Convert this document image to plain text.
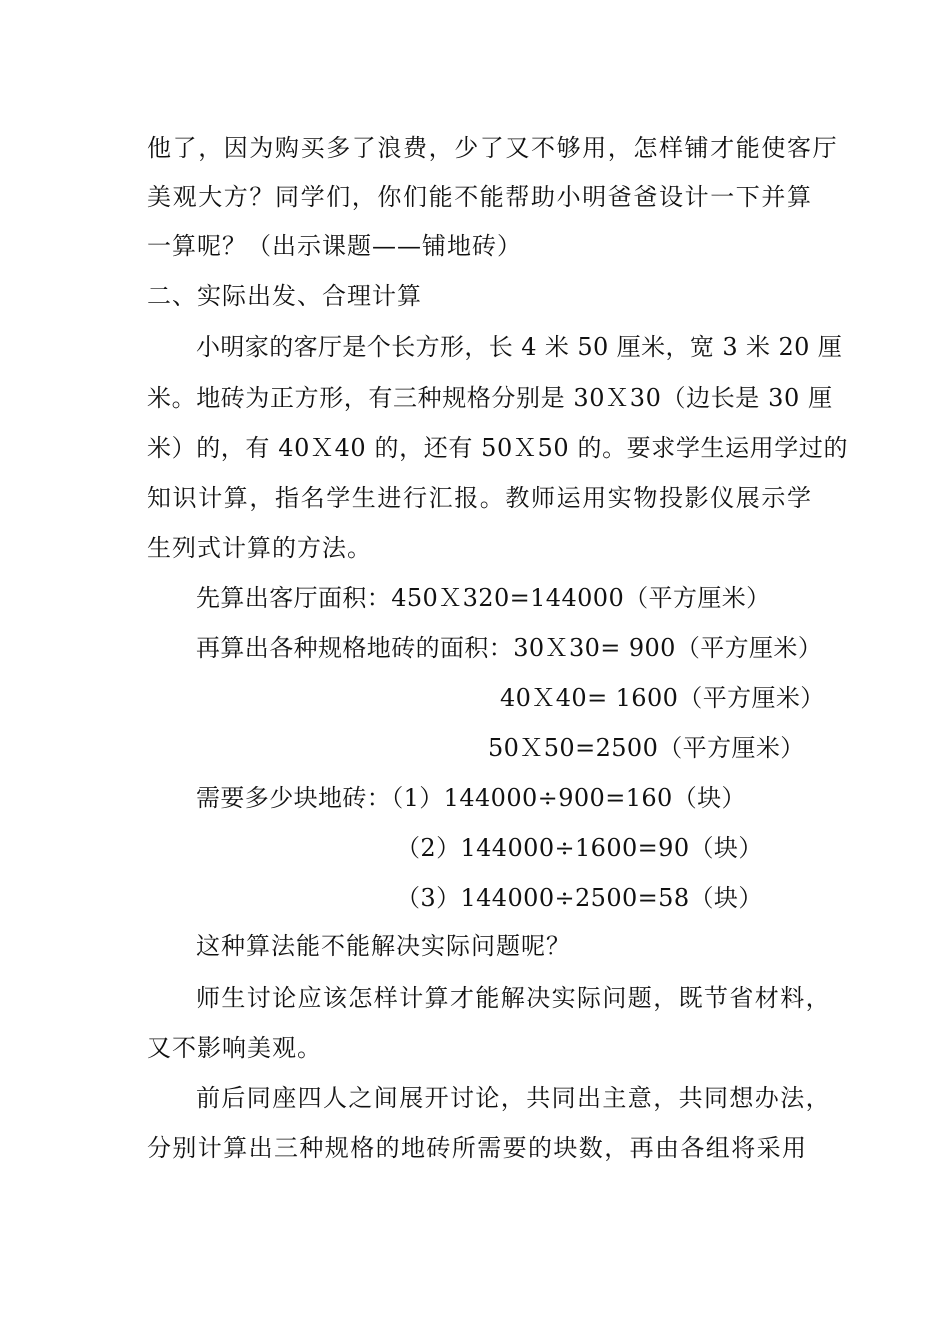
他了，因为购买多了浪费，少了又不够用，怎样铺才能使客厅
美观大方？同学们，你们能不能帮助小明爸爸设计一下并算
一算呢？（出示课题——铺地砖）
二、实际出发、合理计算
小明家的客厅是个长方形，长 4 米 50 厘米，宽 3 米 20 厘
米。地砖为正方形，有三种规格分别是 30Ｘ30（边长是 30 厘
米）的，有 40Ｘ40 的，还有 50Ｘ50 的。要求学生运用学过的
知识计算，指名学生进行汇报。教师运用实物投影仪展示学
生列式计算的方法。
先算出客厅面积：450Ｘ320=144000（平方厘米）
再算出各种规格地砖的面积：30Ｘ30= 900（平方厘米）
40Ｘ40= 1600（平方厘米）
50Ｘ50=2500（平方厘米）
需要多少块地砖：（1）144000÷900=160（块）
（2）144000÷1600=90（块）
（3）144000÷2500=58（块）
这种算法能不能解决实际问题呢？
师生讨论应该怎样计算才能解决实际问题，既节省材料，
又不影响美观。
前后同座四人之间展开讨论，共同出主意，共同想办法，
分别计算出三种规格的地砖所需要的块数，再由各组将采用
